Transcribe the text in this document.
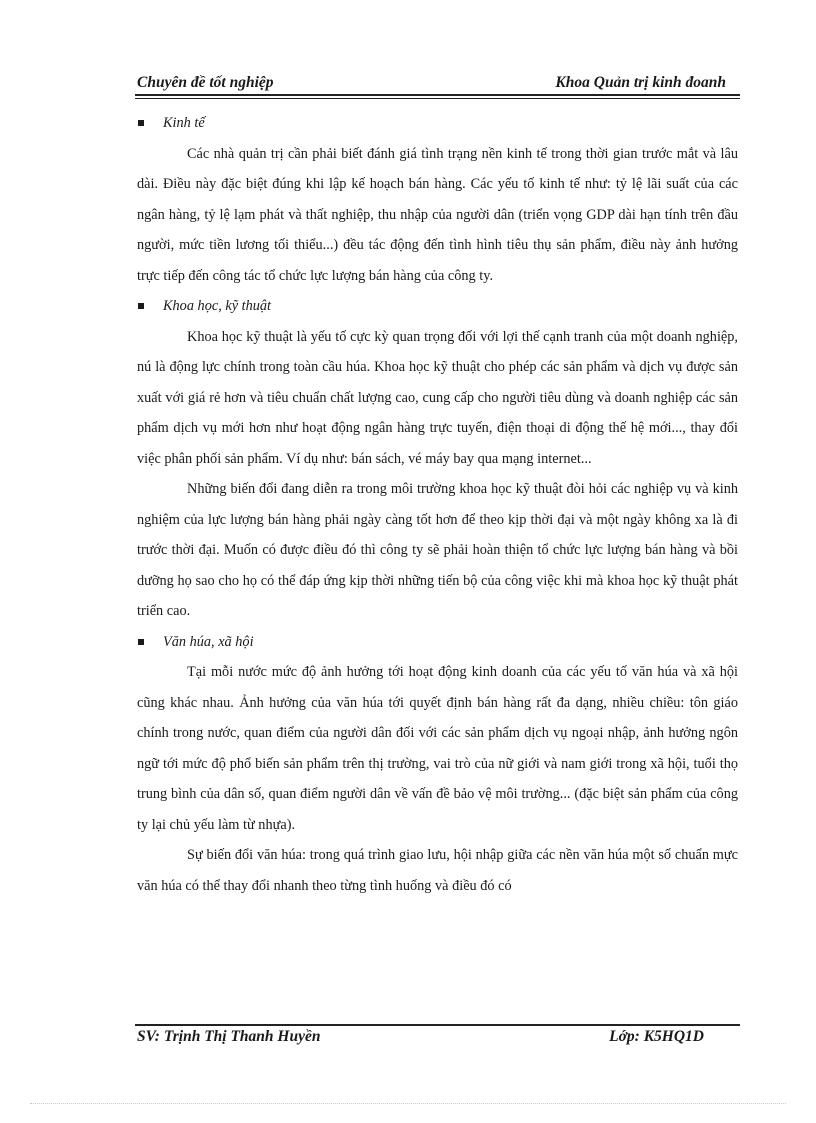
Chuyên đề tốt nghiệp	Khoa Quản trị kinh đoanh
Kinh tế

Các nhà quản trị cần phải biết đánh giá tình trạng nền kinh tế trong thời gian trước mắt và lâu dài. Điều này đặc biệt đúng khi lập kế hoạch bán hàng. Các yếu tố kinh tế như: tỷ lệ lãi suất của các ngân hàng, tỷ lệ lạm phát và thất nghiệp, thu nhập của người dân (triển vọng GDP dài hạn tính trên đầu người, mức tiền lương tối thiểu...) đều tác động đến tình hình tiêu thụ sản phẩm, điều này ảnh hưởng trực tiếp đến công tác tổ chức lực lượng bán hàng của công ty.

Khoa học, kỹ thuật

Khoa học kỹ thuật là yếu tố cực kỳ quan trọng đối với lợi thế cạnh tranh của một doanh nghiệp, nú là động lực chính trong toàn cầu húa. Khoa học kỹ thuật cho phép các sản phẩm và dịch vụ được sản xuất với giá rẻ hơn và tiêu chuẩn chất lượng cao, cung cấp cho người tiêu dùng và doanh nghiệp các sản phẩm dịch vụ mới hơn như hoạt động ngân hàng trực tuyến, điện thoại di động thế hệ mới..., thay đổi việc phân phối sản phẩm. Ví dụ như: bán sách, vé máy bay qua mạng internet...

Những biến đổi đang diễn ra trong môi trường khoa học kỹ thuật đòi hỏi các nghiệp vụ và kinh nghiệm của lực lượng bán hàng phải ngày càng tốt hơn để theo kịp thời đại và một ngày không xa là đi trước thời đại. Muốn có được điều đó thì công ty sẽ phải hoàn thiện tổ chức lực lượng bán hàng và bồi dưỡng họ sao cho họ có thể đáp ứng kịp thời những tiến bộ của công việc khi mà khoa học kỹ thuật phát triển cao.

Văn húa, xã hội

Tại mỗi nước mức độ ảnh hưởng tới hoạt động kinh doanh của các yếu tố văn húa và xã hội cũng khác nhau. Ảnh hưởng của văn húa tới quyết định bán hàng rất đa dạng, nhiều chiều: tôn giáo chính trong nước, quan điểm của người dân đối với các sản phẩm dịch vụ ngoại nhập, ảnh hưởng ngôn ngữ tới mức độ phổ biến sản phẩm trên thị trường, vai trò của nữ giới và nam giới trong xã hội, tuổi thọ trung bình của dân số, quan điểm người dân về vấn đề bảo vệ môi trường... (đặc biệt sản phẩm của công ty lại chủ yếu làm từ nhựa).

Sự biến đổi văn húa: trong quá trình giao lưu, hội nhập giữa các nền văn húa một số chuẩn mực văn húa có thể thay đổi nhanh theo từng tình huống và điều đó có

SV: Trịnh Thị Thanh Huyền	Lớp: K5HQ1D
